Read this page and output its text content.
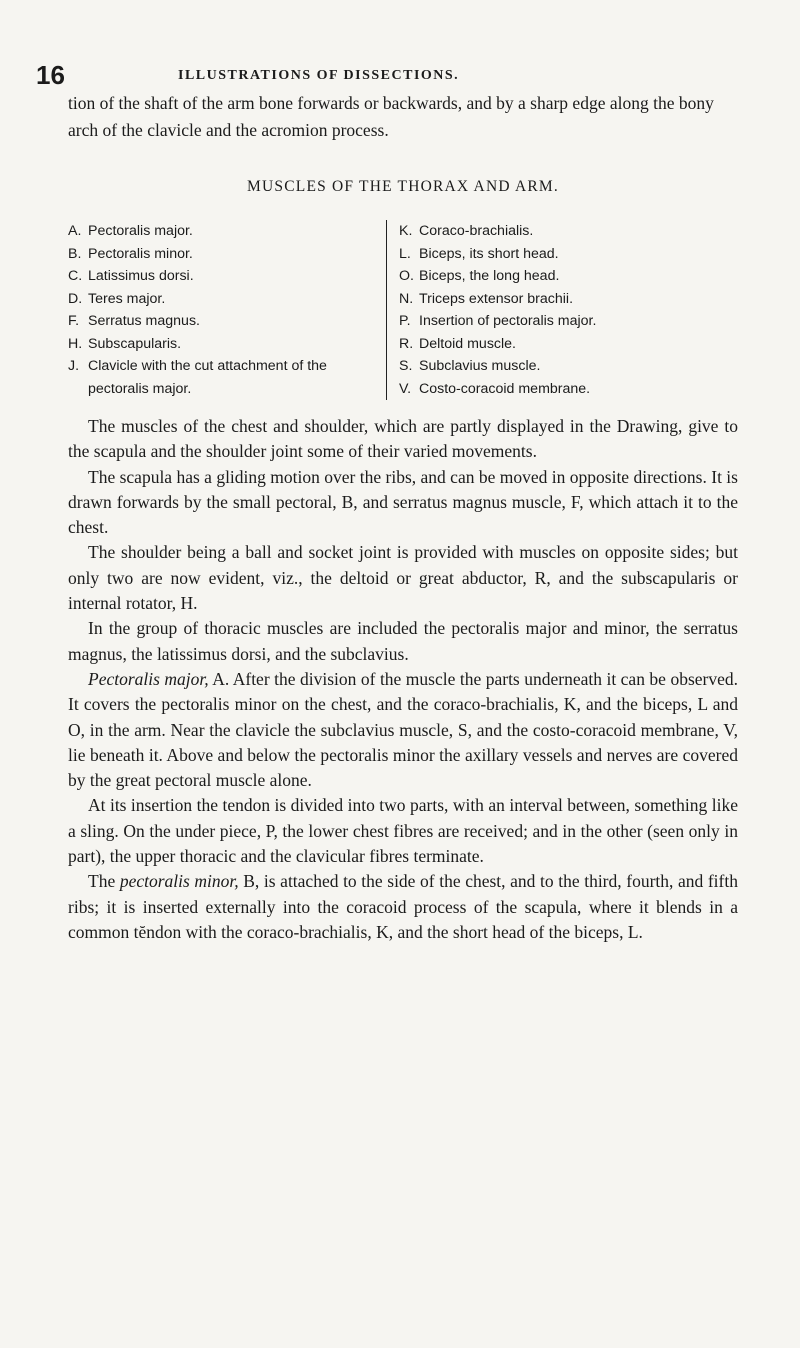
16	ILLUSTRATIONS OF DISSECTIONS.

tion of the shaft of the arm bone forwards or backwards, and by a sharp edge along the bony arch of the clavicle and the acromion process.

MUSCLES OF THE THORAX AND ARM.
A. Pectoralis major.
B. Pectoralis minor.
C. Latissimus dorsi.
D. Teres major.
F. Serratus magnus.
H. Subscapularis.
J. Clavicle with the cut attachment of the pectoralis major.
K. Coraco-brachialis.
L. Biceps, its short head.
O. Biceps, the long head.
N. Triceps extensor brachii.
P. Insertion of pectoralis major.
R. Deltoid muscle.
S. Subclavius muscle.
V. Costo-coracoid membrane.

The muscles of the chest and shoulder, which are partly displayed in the Drawing, give to the scapula and the shoulder joint some of their varied movements.

The scapula has a gliding motion over the ribs, and can be moved in opposite directions. It is drawn forwards by the small pectoral, B, and serratus magnus muscle, F, which attach it to the chest.

The shoulder being a ball and socket joint is provided with muscles on opposite sides; but only two are now evident, viz., the deltoid or great abductor, R, and the subscapularis or internal rotator, H.

In the group of thoracic muscles are included the pectoralis major and minor, the serratus magnus, the latissimus dorsi, and the subclavius.

Pectoralis major, A. After the division of the muscle the parts underneath it can be observed. It covers the pectoralis minor on the chest, and the coraco-brachialis, K, and the biceps, L and O, in the arm. Near the clavicle the subclavius muscle, S, and the costo-coracoid membrane, V, lie beneath it. Above and below the pectoralis minor the axillary vessels and nerves are covered by the great pectoral muscle alone.

At its insertion the tendon is divided into two parts, with an interval between, something like a sling. On the under piece, P, the lower chest fibres are received; and in the other (seen only in part), the upper thoracic and the clavicular fibres terminate.

The pectoralis minor, B, is attached to the side of the chest, and to the third, fourth, and fifth ribs; it is inserted externally into the coracoid process of the scapula, where it blends in a common tĕndon with the coraco-brachialis, K, and the short head of the biceps, L.
